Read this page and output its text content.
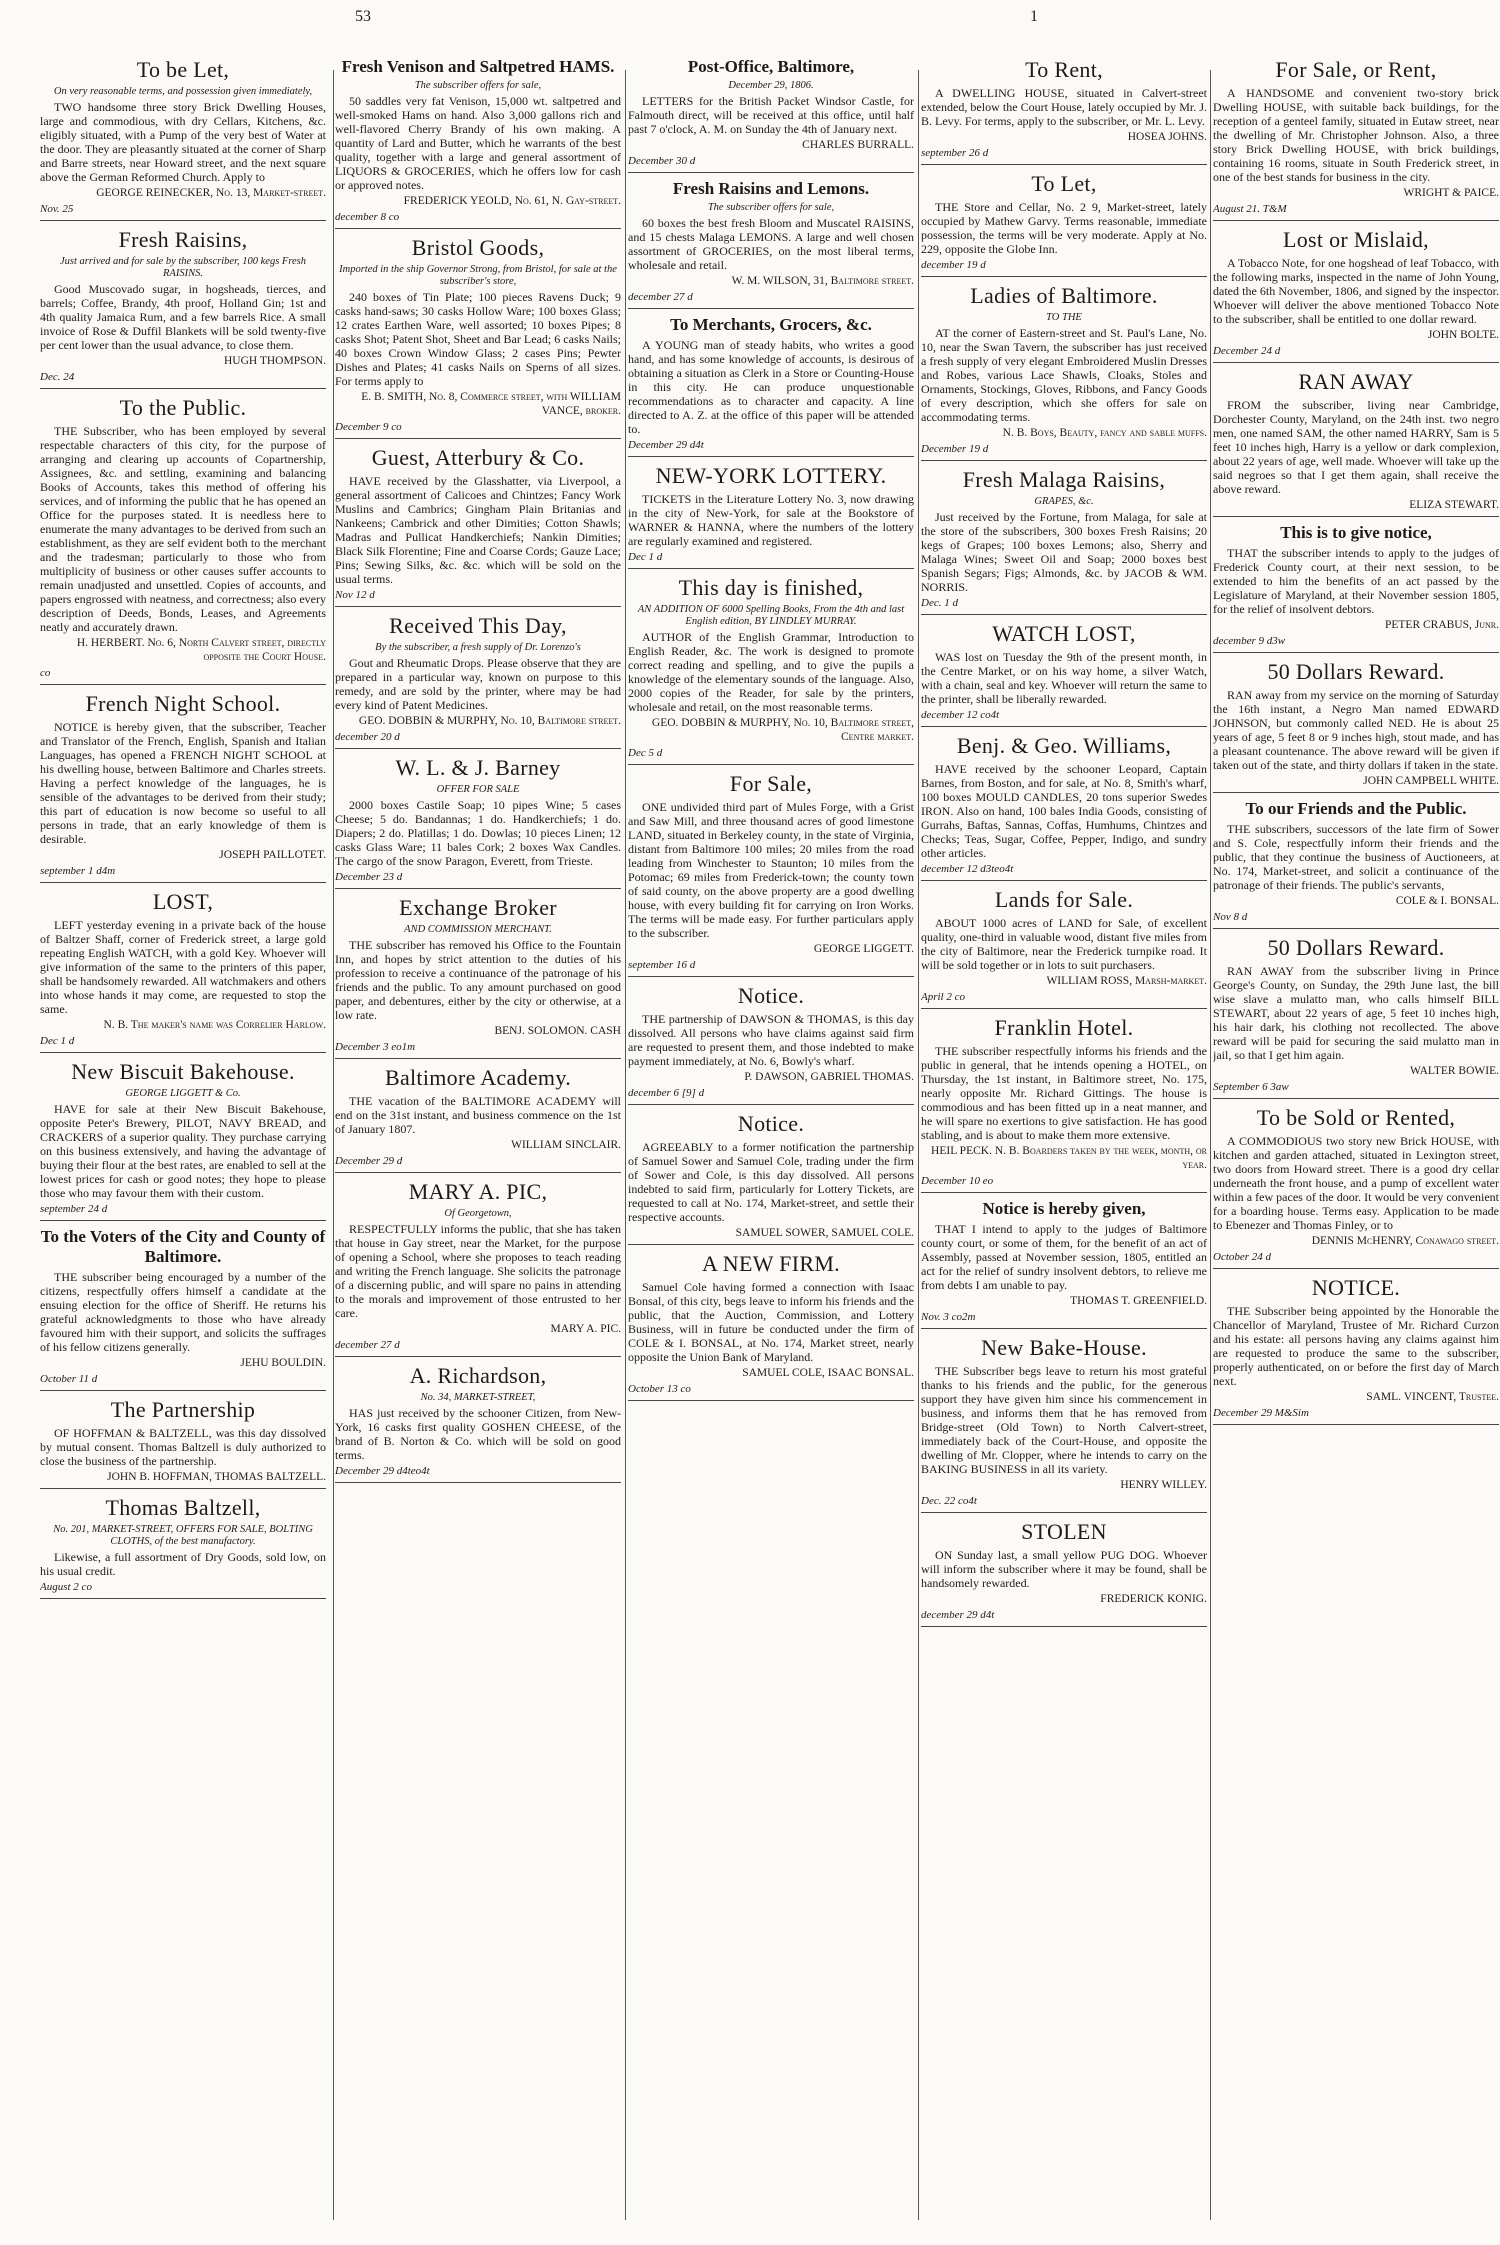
53	1
To be Let,
On very reasonable terms, and possession given immediately,

TWO handsome three story Brick Dwelling Houses, large and commodious, with dry Cellars, Kitchens, &c. eligibly situated, with a Pump of the very best of Water at the door. They are pleasantly situated at the corner of Sharp and Barre streets, near Howard street, and the next square above the German Reformed Church. Apply to

GEORGE REINECKER, No. 13, Market-street.
Nov. 25
Fresh Raisins,
Just arrived and for sale by the subscriber, 100 kegs Fresh RAISINS.

Good Muscovado sugar, in hogsheads, tierces, and barrels; Coffee, Brandy, 4th proof, Holland Gin; 1st and 4th quality Jamaica Rum, and a few barrels Rice. A small invoice of Rose & Duffil Blankets will be sold twenty-five per cent lower than the usual advance, to close them.

HUGH THOMPSON.
Dec. 24
To the Public.

THE Subscriber, who has been employed by several respectable characters of this city, for the purpose of arranging and clearing up accounts of Copartnership, Assignees, &c. and settling, examining and balancing Books of Accounts, takes this method of offering his services, and of informing the public that he has opened an Office for the purposes stated. It is needless here to enumerate the many advantages to be derived from such an establishment, as they are self evident both to the merchant and the tradesman; particularly to those who from multiplicity of business or other causes suffer accounts to remain unadjusted and unsettled. Copies of accounts, and papers engrossed with neatness, and correctness; also every description of Deeds, Bonds, Leases, and Agreements neatly and accurately drawn.

H. HERBERT. No. 6, North Calvert street, directly opposite the Court House.
co
French Night School.

NOTICE is hereby given, that the subscriber, Teacher and Translator of the French, English, Spanish and Italian Languages, has opened a FRENCH NIGHT SCHOOL at his dwelling house, between Baltimore and Charles streets. Having a perfect knowledge of the languages, he is sensible of the advantages to be derived from their study; this part of education is now become so useful to all persons in trade, that an early knowledge of them is desirable.

JOSEPH PAILLOTET.
september 1 d4m
LOST,

LEFT yesterday evening in a private back of the house of Baltzer Shaff, corner of Frederick street, a large gold repeating English WATCH, with a gold Key. Whoever will give information of the same to the printers of this paper, shall be handsomely rewarded. All watchmakers and others into whose hands it may come, are requested to stop the same.

N. B. The maker's name was Correlier Harlow.
Dec 1 d
New Biscuit Bakehouse.
GEORGE LIGGETT & Co.

HAVE for sale at their New Biscuit Bakehouse, opposite Peter's Brewery, PILOT, NAVY BREAD, and CRACKERS of a superior quality. They purchase carrying on this business extensively, and having the advantage of buying their flour at the best rates, are enabled to sell at the lowest prices for cash or good notes; they hope to please those who may favour them with their custom.

september 24 d
To the Voters of the City and County of Baltimore.

THE subscriber being encouraged by a number of the citizens, respectfully offers himself a candidate at the ensuing election for the office of Sheriff. He returns his grateful acknowledgments to those who have already favoured him with their support, and solicits the suffrages of his fellow citizens generally.

JEHU BOULDIN.
October 11 d
The Partnership

OF HOFFMAN & BALTZELL, was this day dissolved by mutual consent. Thomas Baltzell is duly authorized to close the business of the partnership.

JOHN B. HOFFMAN, THOMAS BALTZELL.
Thomas Baltzell,
No. 201, MARKET-STREET, OFFERS FOR SALE, BOLTING CLOTHS, of the best manufactory.

Likewise, a full assortment of Dry Goods, sold low, on his usual credit.

August 2 co
Fresh Venison and Saltpetred HAMS.
The subscriber offers for sale,

50 saddles very fat Venison, 15,000 wt. saltpetred and well-smoked Hams on hand. Also 3,000 gallons rich and well-flavored Cherry Brandy of his own making. A quantity of Lard and Butter, which he warrants of the best quality, together with a large and general assortment of LIQUORS & GROCERIES, which he offers low for cash or approved notes.

FREDERICK YEOLD, No. 61, N. Gay-street.
december 8 co
Bristol Goods,
Imported in the ship Governor Strong, from Bristol, for sale at the subscriber's store,

240 boxes of Tin Plate; 100 pieces Ravens Duck; 9 casks hand-saws; 30 casks Hollow Ware; 100 boxes Glass; 12 crates Earthen Ware, well assorted; 10 boxes Pipes; 8 casks Shot; Patent Shot, Sheet and Bar Lead; 6 casks Nails; 40 boxes Crown Window Glass; 2 cases Pins; Pewter Dishes and Plates; 41 casks Nails on Sperns of all sizes. For terms apply to

E. B. SMITH, No. 8, Commerce street, with WILLIAM VANCE, broker.
December 9 co
Guest, Atterbury & Co.

HAVE received by the Glasshatter, via Liverpool, a general assortment of Calicoes and Chintzes; Fancy Work Muslins and Cambrics; Gingham Plain Britanias and Nankeens; Cambrick and other Dimities; Cotton Shawls; Madras and Pullicat Handkerchiefs; Nankin Dimities; Black Silk Florentine; Fine and Coarse Cords; Gauze Lace; Pins; Sewing Silks, &c. &c. which will be sold on the usual terms.

Nov 12 d
Received This Day,
By the subscriber, a fresh supply of Dr. Lorenzo's

Gout and Rheumatic Drops. Please observe that they are prepared in a particular way, known on purpose to this remedy, and are sold by the printer, where may be had every kind of Patent Medicines.

GEO. DOBBIN & MURPHY, No. 10, Baltimore street.
december 20 d
W. L. & J. Barney
OFFER FOR SALE

2000 boxes Castile Soap; 10 pipes Wine; 5 cases Cheese; 5 do. Bandannas; 1 do. Handkerchiefs; 1 do. Diapers; 2 do. Platillas; 1 do. Dowlas; 10 pieces Linen; 12 casks Glass Ware; 11 bales Cork; 2 boxes Wax Candles. The cargo of the snow Paragon, Everett, from Trieste.

December 23 d
Exchange Broker
AND COMMISSION MERCHANT.

THE subscriber has removed his Office to the Fountain Inn, and hopes by strict attention to the duties of his profession to receive a continuance of the patronage of his friends and the public. To any amount purchased on good paper, and debentures, either by the city or otherwise, at a low rate.

BENJ. SOLOMON. CASH
December 3 eo1m
Baltimore Academy.

THE vacation of the BALTIMORE ACADEMY will end on the 31st instant, and business commence on the 1st of January 1807.

WILLIAM SINCLAIR.
December 29 d
MARY A. PIC,
Of Georgetown,

RESPECTFULLY informs the public, that she has taken that house in Gay street, near the Market, for the purpose of opening a School, where she proposes to teach reading and writing the French language. She solicits the patronage of a discerning public, and will spare no pains in attending to the morals and improvement of those entrusted to her care.

MARY A. PIC.
december 27 d
A. Richardson,
No. 34, MARKET-STREET,

HAS just received by the schooner Citizen, from New-York, 16 casks first quality GOSHEN CHEESE, of the brand of B. Norton & Co. which will be sold on good terms.

December 29 d4teo4t
Post-Office, Baltimore,
December 29, 1806.

LETTERS for the British Packet Windsor Castle, for Falmouth direct, will be received at this office, until half past 7 o'clock, A. M. on Sunday the 4th of January next.

CHARLES BURRALL.
December 30 d
Fresh Raisins and Lemons.
The subscriber offers for sale,

60 boxes the best fresh Bloom and Muscatel RAISINS, and 15 chests Malaga LEMONS. A large and well chosen assortment of GROCERIES, on the most liberal terms, wholesale and retail.

W. M. WILSON, 31, Baltimore street.
december 27 d
To Merchants, Grocers, &c.

A YOUNG man of steady habits, who writes a good hand, and has some knowledge of accounts, is desirous of obtaining a situation as Clerk in a Store or Counting-House in this city. He can produce unquestionable recommendations as to character and capacity. A line directed to A. Z. at the office of this paper will be attended to.

December 29 d4t
NEW-YORK LOTTERY.

TICKETS in the Literature Lottery No. 3, now drawing in the city of New-York, for sale at the Bookstore of WARNER & HANNA, where the numbers of the lottery are regularly examined and registered.

Dec 1 d
This day is finished,
AN ADDITION OF 6000 Spelling Books, From the 4th and last English edition, BY LINDLEY MURRAY.

AUTHOR of the English Grammar, Introduction to English Reader, &c. The work is designed to promote correct reading and spelling, and to give the pupils a knowledge of the elementary sounds of the language. Also, 2000 copies of the Reader, for sale by the printers, wholesale and retail, on the most reasonable terms.

GEO. DOBBIN & MURPHY, No. 10, Baltimore street, Centre market.
Dec 5 d
For Sale,

ONE undivided third part of Mules Forge, with a Grist and Saw Mill, and three thousand acres of good limestone LAND, situated in Berkeley county, in the state of Virginia, distant from Baltimore 100 miles; 20 miles from the road leading from Winchester to Staunton; 10 miles from the Potomac; 69 miles from Frederick-town; the county town of said county, on the above property are a good dwelling house, with every building fit for carrying on Iron Works. The terms will be made easy. For further particulars apply to the subscriber.

GEORGE LIGGETT.
september 16 d
Notice.

THE partnership of DAWSON & THOMAS, is this day dissolved. All persons who have claims against said firm are requested to present them, and those indebted to make payment immediately, at No. 6, Bowly's wharf.

P. DAWSON, GABRIEL THOMAS.
december 6 [9] d
Notice.

AGREEABLY to a former notification the partnership of Samuel Sower and Samuel Cole, trading under the firm of Sower and Cole, is this day dissolved. All persons indebted to said firm, particularly for Lottery Tickets, are requested to call at No. 174, Market-street, and settle their respective accounts.

SAMUEL SOWER, SAMUEL COLE.
A NEW FIRM.

Samuel Cole having formed a connection with Isaac Bonsal, of this city, begs leave to inform his friends and the public, that the Auction, Commission, and Lottery Business, will in future be conducted under the firm of COLE & I. BONSAL, at No. 174, Market street, nearly opposite the Union Bank of Maryland.

SAMUEL COLE, ISAAC BONSAL.
October 13 co
To Rent,

A DWELLING HOUSE, situated in Calvert-street extended, below the Court House, lately occupied by Mr. J. B. Levy. For terms, apply to the subscriber, or Mr. L. Levy.

HOSEA JOHNS.
september 26 d
To Let,

THE Store and Cellar, No. 2 9, Market-street, lately occupied by Mathew Garvy. Terms reasonable, immediate possession, the terms will be very moderate. Apply at No. 229, opposite the Globe Inn.

december 19 d
Ladies of Baltimore.
TO THE

AT the corner of Eastern-street and St. Paul's Lane, No. 10, near the Swan Tavern, the subscriber has just received a fresh supply of very elegant Embroidered Muslin Dresses and Robes, various Lace Shawls, Cloaks, Stoles and Ornaments, Stockings, Gloves, Ribbons, and Fancy Goods of every description, which she offers for sale on accommodating terms.

N. B. Boys, Beauty, fancy and sable muffs.
December 19 d
Fresh Malaga Raisins,
GRAPES, &c.

Just received by the Fortune, from Malaga, for sale at the store of the subscribers, 300 boxes Fresh Raisins; 20 kegs of Grapes; 100 boxes Lemons; also, Sherry and Malaga Wines; Sweet Oil and Soap; 2000 boxes best Spanish Segars; Figs; Almonds, &c. by JACOB & WM. NORRIS.

Dec. 1 d
WATCH LOST,

WAS lost on Tuesday the 9th of the present month, in the Centre Market, or on his way home, a silver Watch, with a chain, seal and key. Whoever will return the same to the printer, shall be liberally rewarded.

december 12 co4t
Benj. & Geo. Williams,

HAVE received by the schooner Leopard, Captain Barnes, from Boston, and for sale, at No. 8, Smith's wharf, 100 boxes MOULD CANDLES, 20 tons superior Swedes IRON. Also on hand, 100 bales India Goods, consisting of Gurrahs, Baftas, Sannas, Coffas, Humhums, Chintzes and Checks; Teas, Sugar, Coffee, Pepper, Indigo, and sundry other articles.

december 12 d3teo4t
Lands for Sale.

ABOUT 1000 acres of LAND for Sale, of excellent quality, one-third in valuable wood, distant five miles from the city of Baltimore, near the Frederick turnpike road. It will be sold together or in lots to suit purchasers.

WILLIAM ROSS, Marsh-market.
April 2 co
Franklin Hotel.

THE subscriber respectfully informs his friends and the public in general, that he intends opening a HOTEL, on Thursday, the 1st instant, in Baltimore street, No. 175, nearly opposite Mr. Richard Gittings. The house is commodious and has been fitted up in a neat manner, and he will spare no exertions to give satisfaction. He has good stabling, and is about to make them more extensive.

HEIL PECK. N. B. Boarders taken by the week, month, or year.
December 10 eo
Notice is hereby given,

THAT I intend to apply to the judges of Baltimore county court, or some of them, for the benefit of an act of Assembly, passed at November session, 1805, entitled an act for the relief of sundry insolvent debtors, to relieve me from debts I am unable to pay.

THOMAS T. GREENFIELD.
Nov. 3 co2m
New Bake-House.

THE Subscriber begs leave to return his most grateful thanks to his friends and the public, for the generous support they have given him since his commencement in business, and informs them that he has removed from Bridge-street (Old Town) to North Calvert-street, immediately back of the Court-House, and opposite the dwelling of Mr. Clopper, where he intends to carry on the BAKING BUSINESS in all its variety.

HENRY WILLEY.
Dec. 22 co4t
STOLEN

ON Sunday last, a small yellow PUG DOG. Whoever will inform the subscriber where it may be found, shall be handsomely rewarded.

FREDERICK KONIG.
december 29 d4t
For Sale, or Rent,

A HANDSOME and convenient two-story brick Dwelling HOUSE, with suitable back buildings, for the reception of a genteel family, situated in Eutaw street, near the dwelling of Mr. Christopher Johnson. Also, a three story Brick Dwelling HOUSE, with brick buildings, containing 16 rooms, situate in South Frederick street, in one of the best stands for business in the city.

WRIGHT & PAICE.
August 21. T&M
Lost or Mislaid,

A Tobacco Note, for one hogshead of leaf Tobacco, with the following marks, inspected in the name of John Young, dated the 6th November, 1806, and signed by the inspector. Whoever will deliver the above mentioned Tobacco Note to the subscriber, shall be entitled to one dollar reward.

JOHN BOLTE.
December 24 d
RAN AWAY

FROM the subscriber, living near Cambridge, Dorchester County, Maryland, on the 24th inst. two negro men, one named SAM, the other named HARRY, Sam is 5 feet 10 inches high, Harry is a yellow or dark complexion, about 22 years of age, well made. Whoever will take up the said negroes so that I get them again, shall receive the above reward.

ELIZA STEWART.
This is to give notice,

THAT the subscriber intends to apply to the judges of Frederick County court, at their next session, to be extended to him the benefits of an act passed by the Legislature of Maryland, at their November session 1805, for the relief of insolvent debtors.

PETER CRABUS, Junr.
december 9 d3w
50 Dollars Reward.

RAN away from my service on the morning of Saturday the 16th instant, a Negro Man named EDWARD JOHNSON, but commonly called NED. He is about 25 years of age, 5 feet 8 or 9 inches high, stout made, and has a pleasant countenance. The above reward will be given if taken out of the state, and thirty dollars if taken in the state.

JOHN CAMPBELL WHITE.
To our Friends and the Public.

THE subscribers, successors of the late firm of Sower and S. Cole, respectfully inform their friends and the public, that they continue the business of Auctioneers, at No. 174, Market-street, and solicit a continuance of the patronage of their friends. The public's servants,

COLE & I. BONSAL.
Nov 8 d
50 Dollars Reward.

RAN AWAY from the subscriber living in Prince George's County, on Sunday, the 29th June last, the bill wise slave a mulatto man, who calls himself BILL STEWART, about 22 years of age, 5 feet 10 inches high, his hair dark, his clothing not recollected. The above reward will be paid for securing the said mulatto man in jail, so that I get him again.

WALTER BOWIE.
September 6 3aw
To be Sold or Rented,

A COMMODIOUS two story new Brick HOUSE, with kitchen and garden attached, situated in Lexington street, two doors from Howard street. There is a good dry cellar underneath the front house, and a pump of excellent water within a few paces of the door. It would be very convenient for a boarding house. Terms easy. Application to be made to Ebenezer and Thomas Finley, or to

DENNIS McHENRY, Conawago street.
October 24 d
NOTICE.

THE Subscriber being appointed by the Honorable the Chancellor of Maryland, Trustee of Mr. Richard Curzon and his estate: all persons having any claims against him are requested to produce the same to the subscriber, properly authenticated, on or before the first day of March next.

SAML. VINCENT, Trustee.
December 29 M&Sim
